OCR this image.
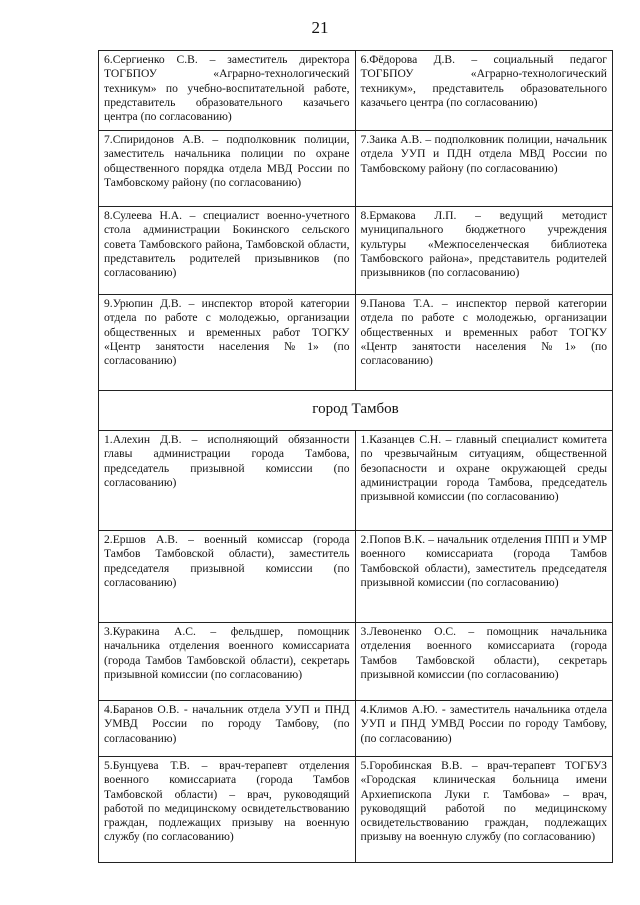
21
6.Сергиенко С.В. – заместитель директора ТОГБПОУ «Аграрно-технологический техникум» по учебно-воспитательной работе, представитель образовательного казачьего центра (по согласованию)
6.Фёдорова Д.В. – социальный педагог ТОГБПОУ «Аграрно-технологический техникум», представитель образовательного казачьего центра (по согласованию)
7.Спиридонов А.В. – подполковник полиции, заместитель начальника полиции по охране общественного порядка отдела МВД России по Тамбовскому району (по согласованию)
7.Заика А.В. – подполковник полиции, начальник отдела УУП и ПДН отдела МВД России по Тамбовскому району (по согласованию)
8.Сулеева Н.А. – специалист военно-учетного стола администрации Бокинского сельского совета Тамбовского района, Тамбовской области, представитель родителей призывников (по согласованию)
8.Ермакова Л.П. – ведущий методист муниципального бюджетного учреждения культуры «Межпоселенческая библиотека Тамбовского района», представитель родителей призывников (по согласованию)
9.Урюпин Д.В. – инспектор второй категории отдела по работе с молодежью, организации общественных и временных работ ТОГКУ «Центр занятости населения №1» (по согласованию)
9.Панова Т.А. – инспектор первой категории отдела по работе с молодежью, организации общественных и временных работ ТОГКУ «Центр занятости населения №1» (по согласованию)
город Тамбов
1.Алехин Д.В. – исполняющий обязанности главы администрации города Тамбова, председатель призывной комиссии (по согласованию)
1.Казанцев С.Н. – главный специалист комитета по чрезвычайным ситуациям, общественной безопасности и охране окружающей среды администрации города Тамбова, председатель призывной комиссии (по согласованию)
2.Ершов А.В. – военный комиссар (города Тамбов Тамбовской области), заместитель председателя призывной комиссии (по согласованию)
2.Попов В.К. – начальник отделения ППП и УМР военного комиссариата (города Тамбов Тамбовской области), заместитель председателя призывной комиссии (по согласованию)
3.Куракина А.С. – фельдшер, помощник начальника отделения военного комиссариата (города Тамбов Тамбовской области), секретарь призывной комиссии (по согласованию)
3.Левоненко О.С. – помощник начальника отделения военного комиссариата (города Тамбов Тамбовской области), секретарь призывной комиссии (по согласованию)
4.Баранов О.В. - начальник отдела УУП и ПНД УМВД России по городу Тамбову, (по согласованию)
4.Климов А.Ю. - заместитель начальника отдела УУП и ПНД УМВД России по городу Тамбову, (по согласованию)
5.Бунцуева Т.В. – врач-терапевт отделения военного комиссариата (города Тамбов Тамбовской области) – врач, руководящий работой по медицинскому освидетельствованию граждан, подлежащих призыву на военную службу (по согласованию)
5.Горобинская В.В. – врач-терапевт ТОГБУЗ «Городская клиническая больница имени Архиепископа Луки г. Тамбова» – врач, руководящий работой по медицинскому освидетельствованию граждан, подлежащих призыву на военную службу (по согласованию)
